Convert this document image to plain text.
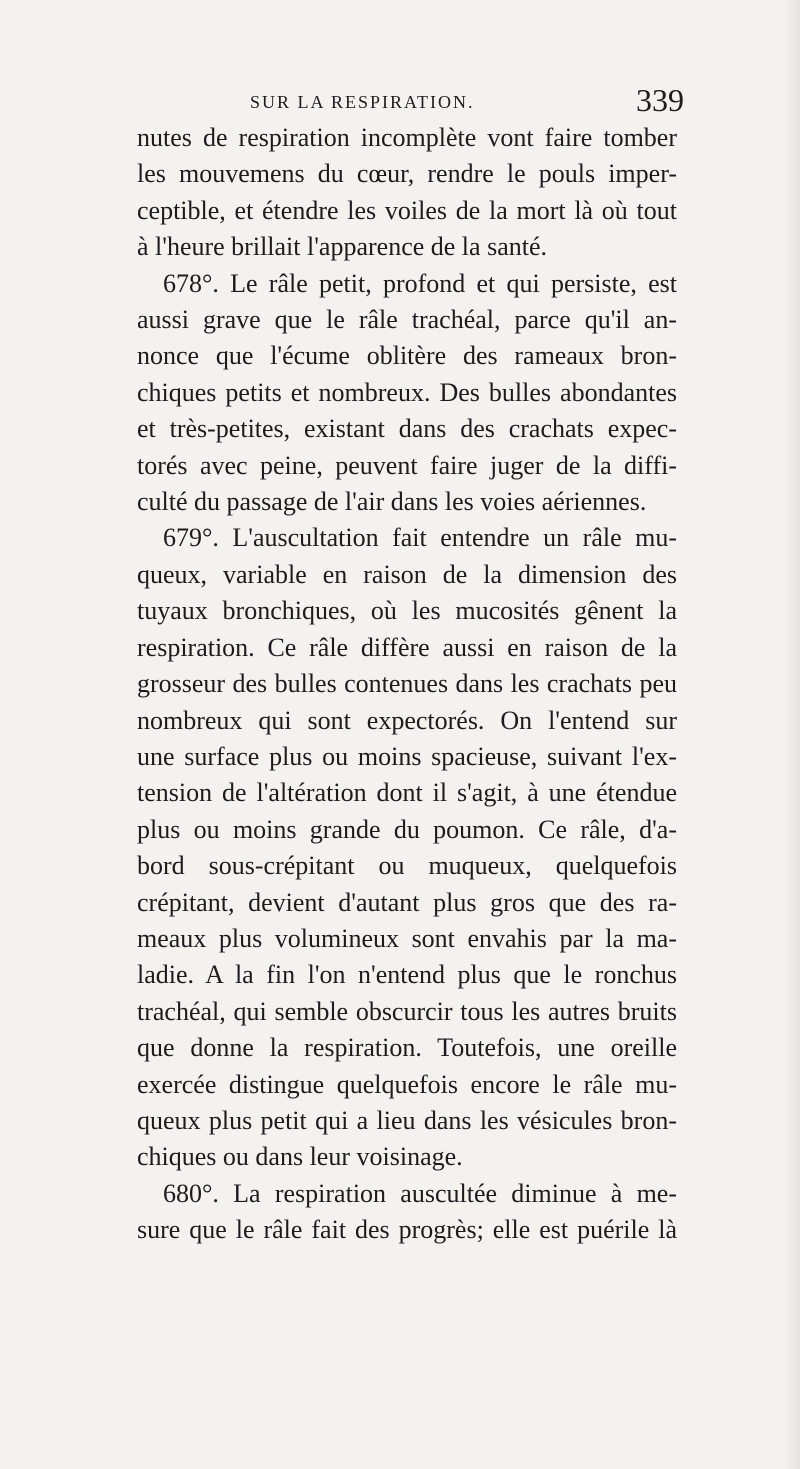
SUR LA RESPIRATION.	339
nutes de respiration incomplète vont faire tomber
les mouvemens du cœur, rendre le pouls imper-
ceptible, et étendre les voiles de la mort là où tout
à l'heure brillait l'apparence de la santé.
678°. Le râle petit, profond et qui persiste, est
aussi grave que le râle trachéal, parce qu'il an-
nonce que l'écume oblitère des rameaux bron-
chiques petits et nombreux. Des bulles abondantes
et très-petites, existant dans des crachats expec-
torés avec peine, peuvent faire juger de la diffi-
culté du passage de l'air dans les voies aériennes.
679°. L'auscultation fait entendre un râle mu-
queux, variable en raison de la dimension des
tuyaux bronchiques, où les mucosités gênent la
respiration. Ce râle diffère aussi en raison de la
grosseur des bulles contenues dans les crachats peu
nombreux qui sont expectorés. On l'entend sur
une surface plus ou moins spacieuse, suivant l'ex-
tension de l'altération dont il s'agit, à une étendue
plus ou moins grande du poumon. Ce râle, d'a-
bord sous-crépitant ou muqueux, quelquefois
crépitant, devient d'autant plus gros que des ra-
meaux plus volumineux sont envahis par la ma-
ladie. A la fin l'on n'entend plus que le ronchus
trachéal, qui semble obscurcir tous les autres bruits
que donne la respiration. Toutefois, une oreille
exercée distingue quelquefois encore le râle mu-
queux plus petit qui a lieu dans les vésicules bron-
chiques ou dans leur voisinage.
680°. La respiration auscultée diminue à me-
sure que le râle fait des progrès; elle est puérile là
